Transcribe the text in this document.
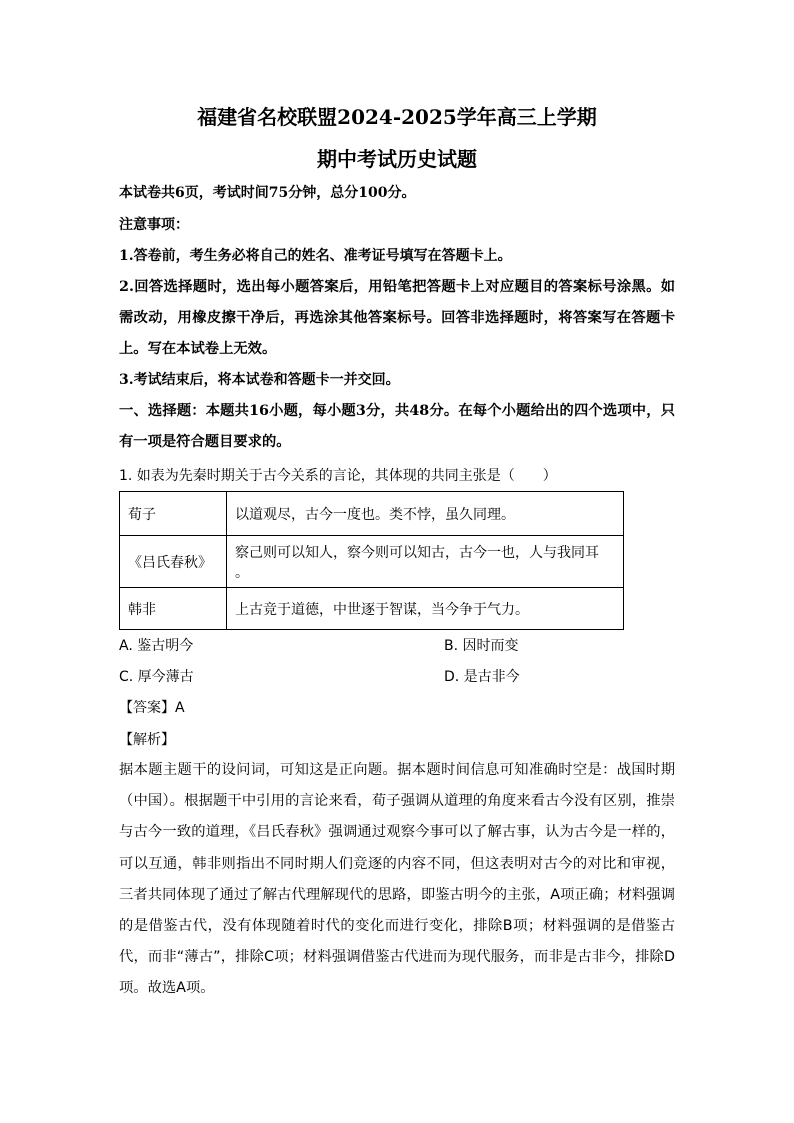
福建省名校联盟2024-2025学年高三上学期
期中考试历史试题
本试卷共6页，考试时间75分钟，总分100分。
注意事项：
1.答卷前，考生务必将自己的姓名、准考证号填写在答题卡上。
2.回答选择题时，选出每小题答案后，用铅笔把答题卡上对应题目的答案标号涂黑。如需改动，用橡皮擦干净后，再选涂其他答案标号。回答非选择题时，将答案写在答题卡上。写在本试卷上无效。
3.考试结束后，将本试卷和答题卡一并交回。
一、选择题：本题共16小题，每小题3分，共48分。在每个小题给出的四个选项中，只有一项是符合题目要求的。
1. 如表为先秦时期关于古今关系的言论，其体现的共同主张是（　　）
荀子	以道观尽，古今一度也。类不悖，虽久同理。
《吕氏春秋》	察己则可以知人，察今则可以知古，古今一也，人与我同耳 。
韩非	上古竞于道德，中世逐于智谋，当今争于气力。
A. 鉴古明今	B. 因时而变
C. 厚今薄古	D. 是古非今
【答案】A
【解析】
据本题主题干的设问词，可知这是正向题。据本题时间信息可知准确时空是：战国时期（中国）。根据题干中引用的言论来看，荀子强调从道理的角度来看古今没有区别，推崇与古今一致的道理，《吕氏春秋》强调通过观察今事可以了解古事，认为古今是一样的，可以互通，韩非则指出不同时期人们竞逐的内容不同，但这表明对古今的对比和审视，三者共同体现了通过了解古代理解现代的思路，即鉴古明今的主张，A项正确；材料强调的是借鉴古代，没有体现随着时代的变化而进行变化，排除B项；材料强调的是借鉴古代，而非“薄古”，排除C项；材料强调借鉴古代进而为现代服务，而非是古非今，排除D项。故选A项。
